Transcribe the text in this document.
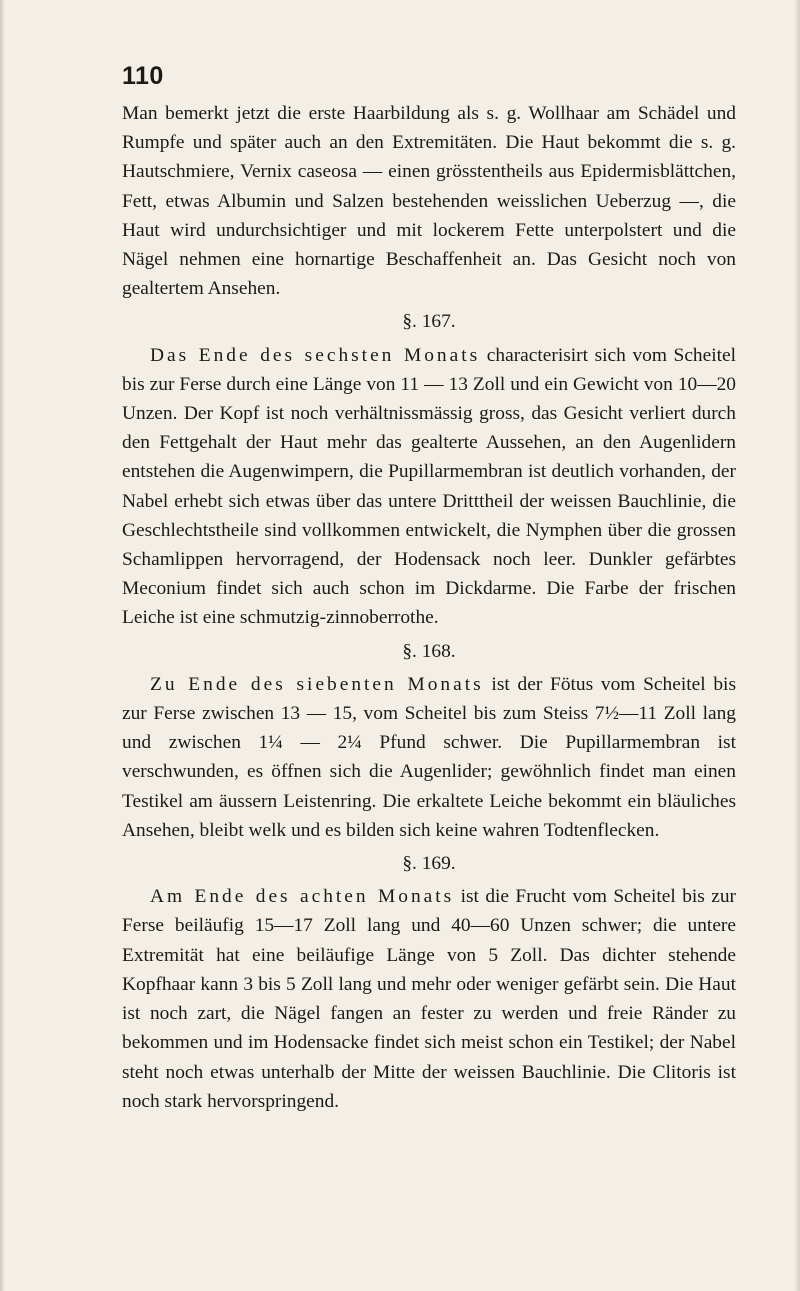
110

Man bemerkt jetzt die erste Haarbildung als s. g. Wollhaar am Schädel und Rumpfe und später auch an den Extremitäten. Die Haut bekommt die s. g. Hautschmiere, Vernix caseosa — einen grösstentheils aus Epidermisblättchen, Fett, etwas Albumin und Salzen bestehenden weisslichen Ueberzug —, die Haut wird undurchsichtiger und mit lockerem Fette unterpolstert und die Nägel nehmen eine hornartige Beschaffenheit an. Das Gesicht noch von gealtertem Ansehen.

§. 167.

Das Ende des sechsten Monats characterisirt sich vom Scheitel bis zur Ferse durch eine Länge von 11 — 13 Zoll und ein Gewicht von 10—20 Unzen. Der Kopf ist noch verhältnissmässig gross, das Gesicht verliert durch den Fettgehalt der Haut mehr das gealterte Aussehen, an den Augenlidern entstehen die Augenwimpern, die Pupillarmembran ist deutlich vorhanden, der Nabel erhebt sich etwas über das untere Dritttheil der weissen Bauchlinie, die Geschlechtstheile sind vollkommen entwickelt, die Nymphen über die grossen Schamlippen hervorragend, der Hodensack noch leer. Dunkler gefärbtes Meconium findet sich auch schon im Dickdarme. Die Farbe der frischen Leiche ist eine schmutzig-zinnoberrothe.

§. 168.

Zu Ende des siebenten Monats ist der Fötus vom Scheitel bis zur Ferse zwischen 13 — 15, vom Scheitel bis zum Steiss 7½—11 Zoll lang und zwischen 1¼ — 2¼ Pfund schwer. Die Pupillarmembran ist verschwunden, es öffnen sich die Augenlider; gewöhnlich findet man einen Testikel am äussern Leistenring. Die erkaltete Leiche bekommt ein bläuliches Ansehen, bleibt welk und es bilden sich keine wahren Todtenflecken.

§. 169.

Am Ende des achten Monats ist die Frucht vom Scheitel bis zur Ferse beiläufig 15—17 Zoll lang und 40—60 Unzen schwer; die untere Extremität hat eine beiläufige Länge von 5 Zoll. Das dichter stehende Kopfhaar kann 3 bis 5 Zoll lang und mehr oder weniger gefärbt sein. Die Haut ist noch zart, die Nägel fangen an fester zu werden und freie Ränder zu bekommen und im Hodensacke findet sich meist schon ein Testikel; der Nabel steht noch etwas unterhalb der Mitte der weissen Bauchlinie. Die Clitoris ist noch stark hervorspringend.
